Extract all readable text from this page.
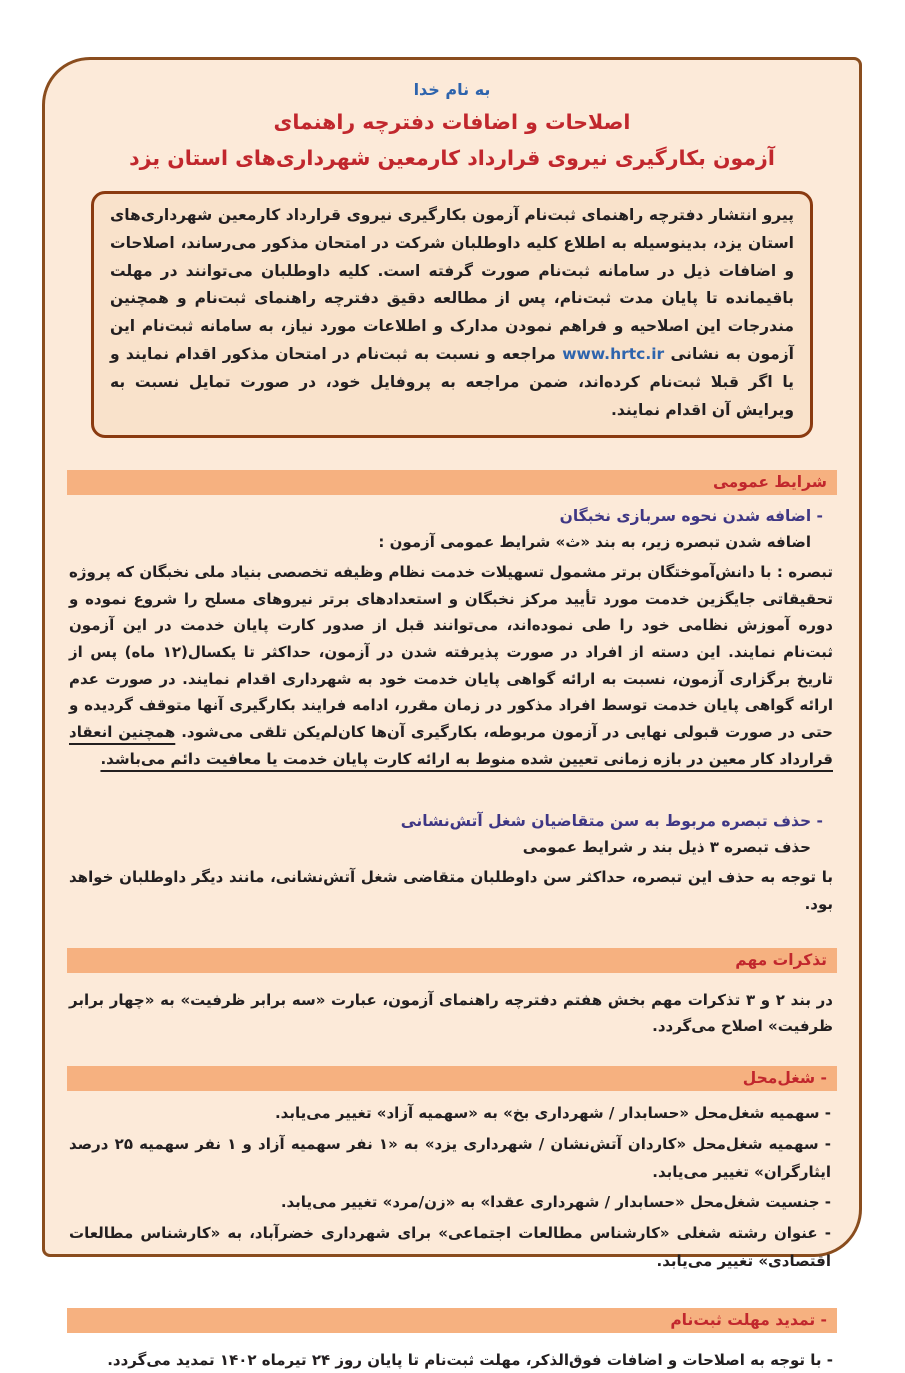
به نام خدا
اصلاحات و اضافات دفترچه راهنمای
آزمون بکارگیری نیروی قرارداد کارمعین شهرداری‌های استان یزد
پیرو انتشار دفترچه راهنمای ثبت‌نام آزمون بکارگیری نیروی قرارداد کارمعین شهرداری‌های استان یزد، بدینوسیله به اطلاع کلیه داوطلبان شرکت در امتحان مذکور می‌رساند، اصلاحات و اضافات ذیل در سامانه ثبت‌نام صورت گرفته است. کلیه داوطلبان می‌توانند در مهلت باقیمانده تا پایان مدت ثبت‌نام، پس از مطالعه دقیق دفترچه راهنمای ثبت‌نام و همچنین مندرجات این اصلاحیه و فراهم نمودن مدارک و اطلاعات مورد نیاز، به سامانه ثبت‌نام این آزمون به نشانی www.hrtc.ir مراجعه و نسبت به ثبت‌نام در امتحان مذکور اقدام نمایند و یا اگر قبلا ثبت‌نام کرده‌اند، ضمن مراجعه به پروفایل خود، در صورت تمایل نسبت به ویرایش آن اقدام نمایند.
شرایط عمومی
- اضافه شدن نحوه سربازی نخبگان
اضافه شدن تبصره زیر، به بند «ث» شرایط عمومی آزمون :
تبصره : با دانش‌آموختگان برتر مشمول تسهیلات خدمت نظام وظیفه تخصصی بنیاد ملی نخبگان که پروژه تحقیقاتی جایگزین خدمت مورد تأیید مرکز نخبگان و استعدادهای برتر نیروهای مسلح را شروع نموده و دوره آموزش نظامی خود را طی نموده‌اند، می‌توانند قبل از صدور کارت پایان خدمت در این آزمون ثبت‌نام نمایند. این دسته از افراد در صورت پذیرفته شدن در آزمون، حداکثر تا یکسال(۱۲ ماه) پس از تاریخ برگزاری آزمون، نسبت به ارائه گواهی پایان خدمت خود به شهرداری اقدام نمایند. در صورت عدم ارائه گواهی پایان خدمت توسط افراد مذکور در زمان مقرر، ادامه فرایند بکارگیری آنها متوقف گردیده و حتی در صورت قبولی نهایی در آزمون مربوطه، بکارگیری آن‌ها کان‌لم‌یکن تلقی می‌شود. همچنین انعقاد قرارداد کار معین در بازه زمانی تعیین شده منوط به ارائه کارت پایان خدمت یا معافیت دائم می‌باشد.
- حذف تبصره مربوط به سن متقاضیان شغل آتش‌نشانی
حذف تبصره ۳ ذیل بند ر شرایط عمومی
با توجه به حذف این تبصره، حداکثر سن داوطلبان متقاضی شغل آتش‌نشانی، مانند دیگر داوطلبان خواهد بود.
تذکرات مهم
در بند ۲ و ۳ تذکرات مهم بخش هفتم دفترچه راهنمای آزمون، عبارت «سه برابر ظرفیت» به «چهار برابر ظرفیت» اصلاح می‌گردد.
- شغل‌محل
- سهمیه شغل‌محل «حسابدار / شهرداری بخ» به «سهمیه آزاد» تغییر می‌یابد.
- سهمیه شغل‌محل «کاردان آتش‌نشان / شهرداری یزد» به «۱ نفر سهمیه آزاد و ۱ نفر سهمیه ۲۵ درصد ایثارگران» تغییر می‌یابد.
- جنسیت شغل‌محل «حسابدار / شهرداری عقدا» به «زن/مرد» تغییر می‌یابد.
- عنوان رشته شغلی «کارشناس مطالعات اجتماعی» برای شهرداری خضرآباد، به «کارشناس مطالعات اقتصادی» تغییر می‌یابد.
- تمدید مهلت ثبت‌نام
- با توجه به اصلاحات و اضافات فوق‌الذکر، مهلت ثبت‌نام تا پایان روز ۲۴ تیرماه ۱۴۰۲ تمدید می‌گردد.
